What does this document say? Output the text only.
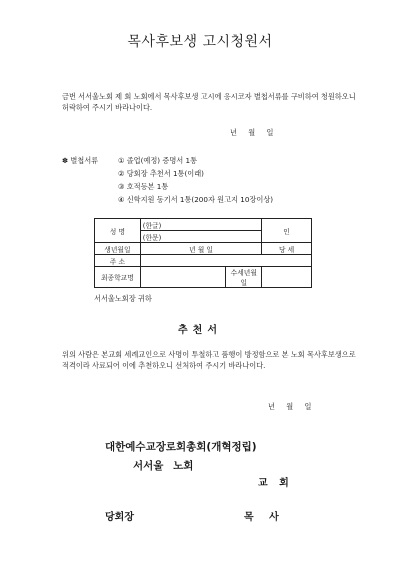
목사후보생 고시청원서
금번 서서울노회 제 회 노회에서 목사후보생 고시에 응시코자 별첩서류를 구비하여 청원하오니 허락하여 주시기 바라나이다.
년 월 일
✽ 별첩서류	① 졸업(예정) 증명서 1통
② 당회장 추천서 1통(이래)
③ 호적등본 1통
④ 신학지원 동기서 1통(200자 원고지 10장이상)
성 명	(한글)		인
	(한문)		
생년월일	년 월 일		당 세
주 소			
최종학교명		수세년월일	
서서울노회장 귀하
추천서
위의 사람은 본교회 세례교인으로 사명이 투철하고 품행이 방정함으로 본 노회 목사후보생으로 적격이라 사료되어 이에 추천하오니 선처하여 주시기 바라나이다.
년 월 일
대한예수교장로회총회(개혁정립)
서서울 노회
교 회
당회장	목 사
